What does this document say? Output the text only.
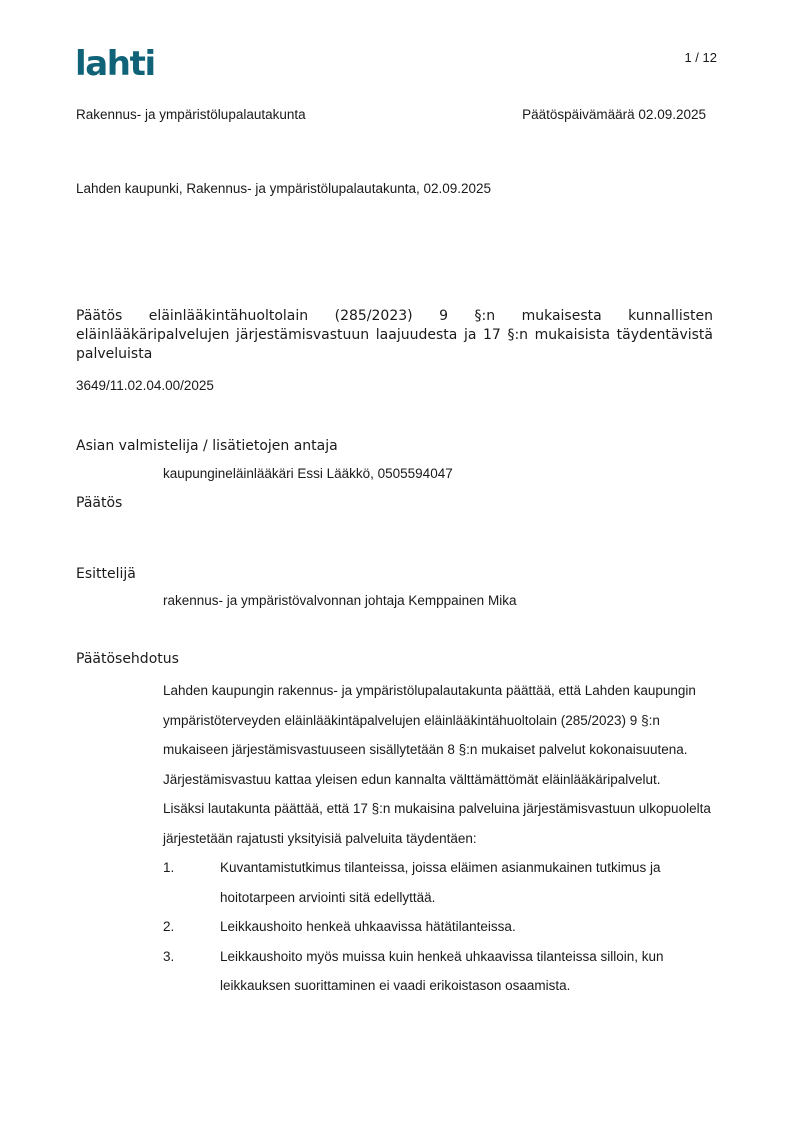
lahti	1 / 12
Rakennus- ja ympäristölupalautakunta	Päätöspäivämäärä 02.09.2025
Lahden kaupunki, Rakennus- ja ympäristölupalautakunta, 02.09.2025
Päätös eläinlääkintähuoltolain (285/2023) 9 §:n mukaisesta kunnallisten eläinlääkäripalvelujen järjestämisvastuun laajuudesta ja 17 §:n mukaisista täydentävistä palveluista
3649/11.02.04.00/2025
Asian valmistelija / lisätietojen antaja
kaupungineläinlääkäri Essi Lääkkö, 0505594047
Päätös
Esittelijä
rakennus- ja ympäristövalvonnan johtaja Kemppainen Mika
Päätösehdotus

Lahden kaupungin rakennus- ja ympäristölupalautakunta päättää, että Lahden kaupungin ympäristöterveyden eläinlääkintäpalvelujen eläinlääkintähuoltolain (285/2023) 9 §:n mukaiseen järjestämisvastuuseen sisällytetään 8 §:n mukaiset palvelut kokonaisuutena. Järjestämisvastuu kattaa yleisen edun kannalta välttämättömät eläinlääkäripalvelut.

Lisäksi lautakunta päättää, että 17 §:n mukaisina palveluina järjestämisvastuun ulkopuolelta järjestetään rajatusti yksityisiä palveluita täydentäen:

1.	Kuvantamistutkimus tilanteissa, joissa eläimen asianmukainen tutkimus ja hoitotarpeen arviointi sitä edellyttää.
2.	Leikkaushoito henkeä uhkaavissa hätätilanteissa.
3.	Leikkaushoito myös muissa kuin henkeä uhkaavissa tilanteissa silloin, kun leikkauksen suorittaminen ei vaadi erikoistason osaamista.
